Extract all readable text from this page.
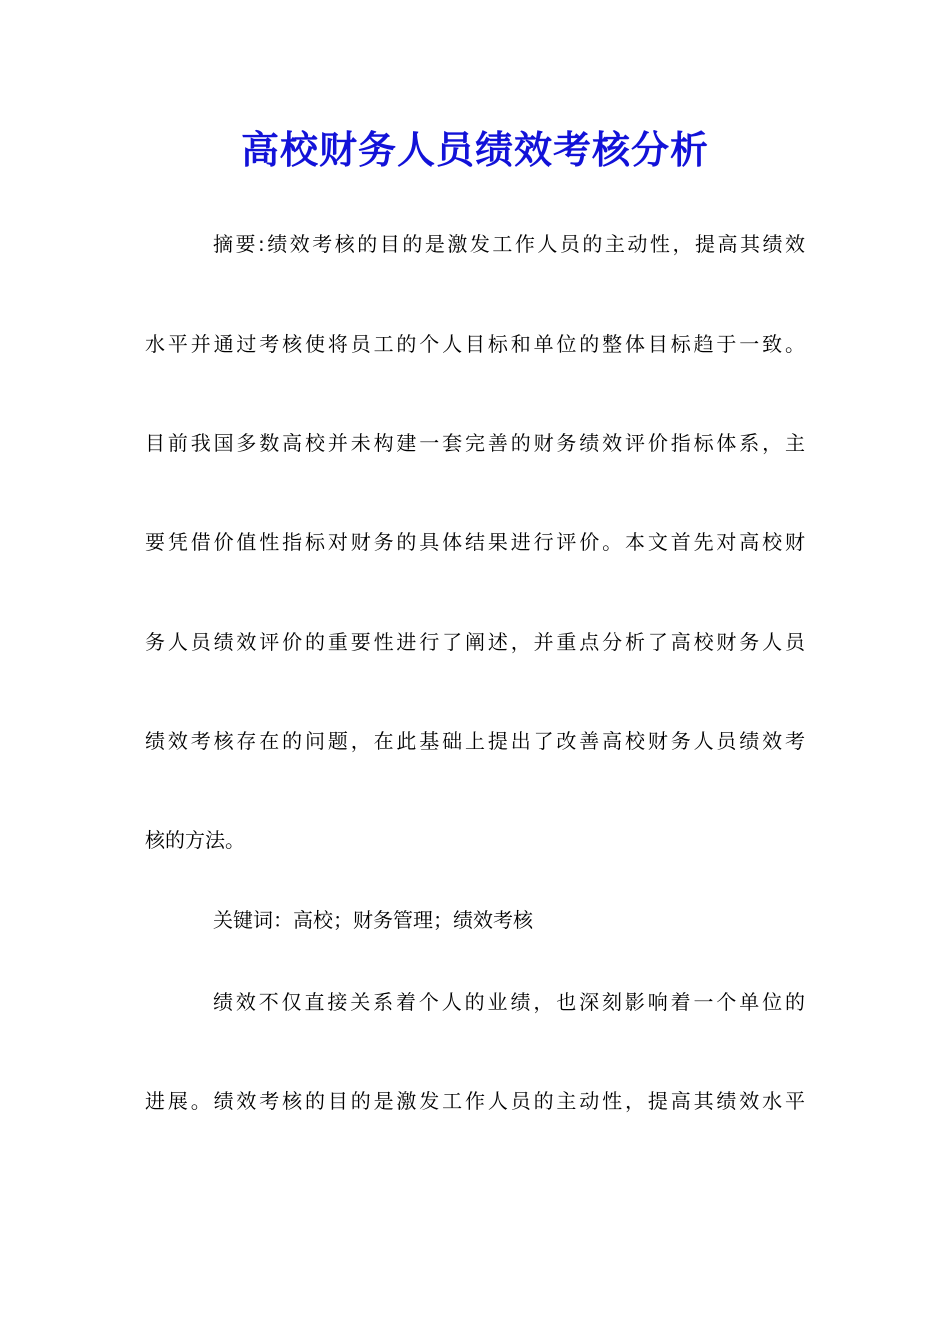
高校财务人员绩效考核分析
摘要:绩效考核的目的是激发工作人员的主动性，提高其绩效
水平并通过考核使将员工的个人目标和单位的整体目标趋于一致。
目前我国多数高校并未构建一套完善的财务绩效评价指标体系，主
要凭借价值性指标对财务的具体结果进行评价。本文首先对高校财
务人员绩效评价的重要性进行了阐述，并重点分析了高校财务人员
绩效考核存在的问题，在此基础上提出了改善高校财务人员绩效考
核的方法。
关键词：高校；财务管理；绩效考核
绩效不仅直接关系着个人的业绩，也深刻影响着一个单位的
进展。绩效考核的目的是激发工作人员的主动性，提高其绩效水平
